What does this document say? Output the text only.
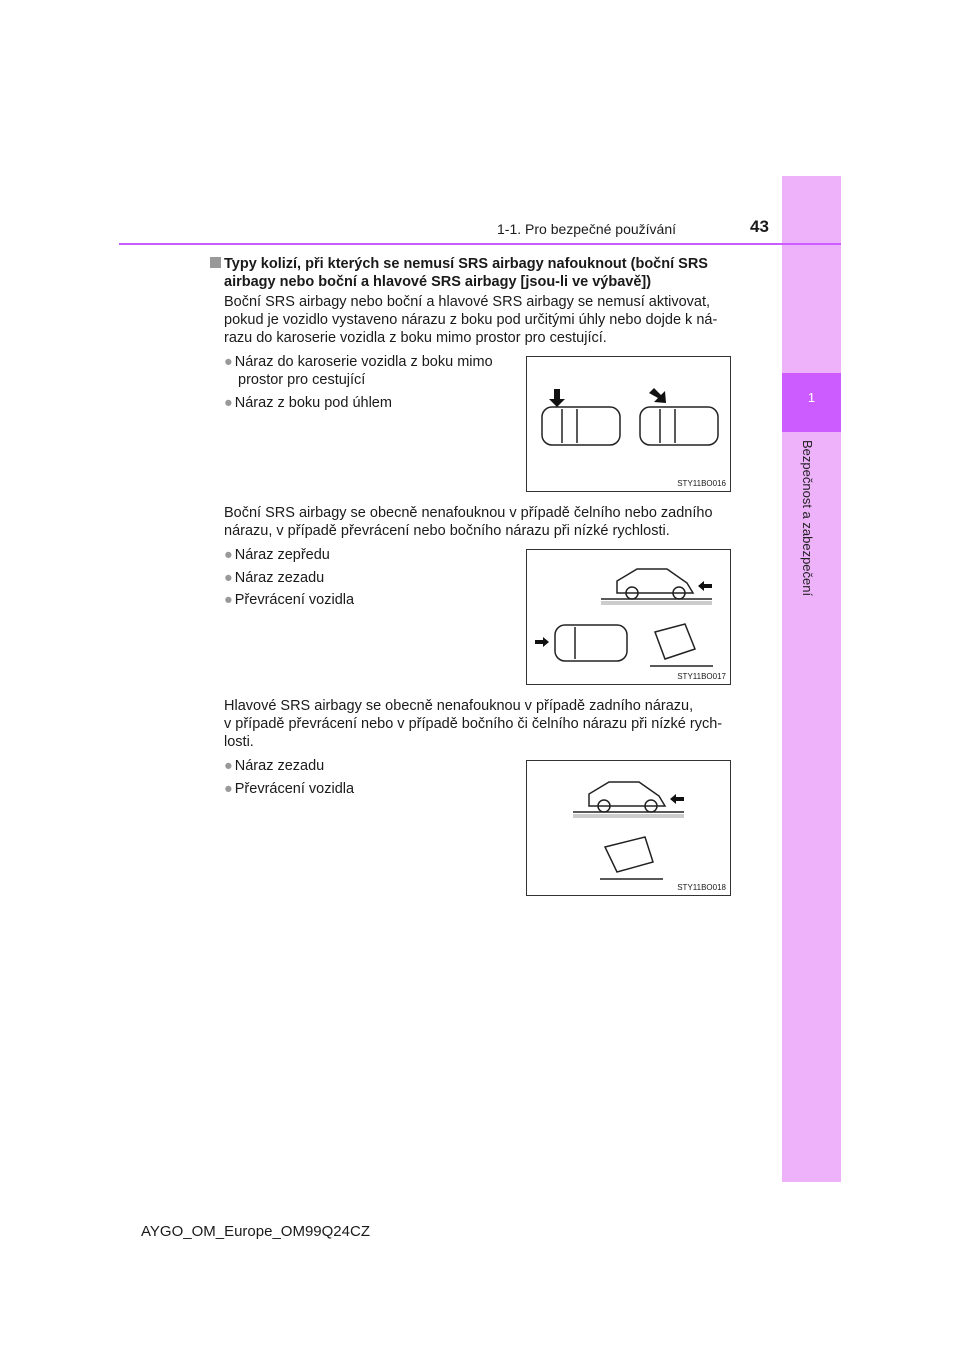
1
Bezpečnost a zabezpečení
1-1. Pro bezpečné používání	43
Typy kolizí, při kterých se nemusí SRS airbagy nafouknout (boční SRS
airbagy nebo boční a hlavové SRS airbagy [jsou-li ve výbavě])
Boční SRS airbagy nebo boční a hlavové SRS airbagy se nemusí aktivovat,
pokud je vozidlo vystaveno nárazu z boku pod určitými úhly nebo dojde k ná-
razu do karoserie vozidla z boku mimo prostor pro cestující.
● Náraz do karoserie vozidla z boku mimo
prostor pro cestující
● Náraz z boku pod úhlem
STY11BO016
Boční SRS airbagy se obecně nenafouknou v případě čelního nebo zadního
nárazu, v případě převrácení nebo bočního nárazu při nízké rychlosti.
● Náraz zepředu
● Náraz zezadu
● Převrácení vozidla
STY11BO017
Hlavové SRS airbagy se obecně nenafouknou v případě zadního nárazu,
v případě převrácení nebo v případě bočního či čelního nárazu při nízké rych-
losti.
● Náraz zezadu
● Převrácení vozidla
STY11BO018
AYGO_OM_Europe_OM99Q24CZ
